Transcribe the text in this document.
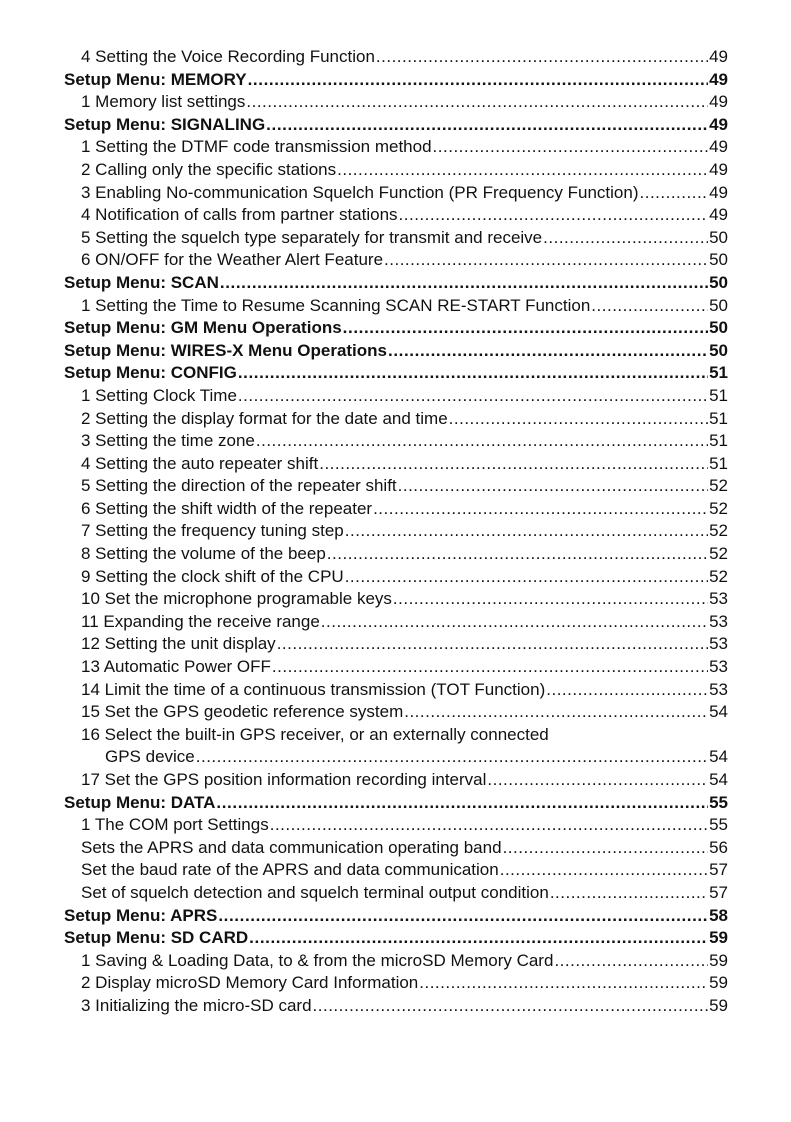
4 Setting the Voice Recording Function .....	49
Setup Menu: MEMORY .....	49
1 Memory list settings .....	49
Setup Menu: SIGNALING .....	49
1 Setting the DTMF code transmission method .....	49
2 Calling only the specific stations .....	49
3 Enabling No-communication Squelch Function (PR Frequency Function) .....	49
4 Notification of calls from partner stations .....	49
5 Setting the squelch type separately for transmit and receive .....	50
6 ON/OFF for the Weather Alert Feature .....	50
Setup Menu: SCAN .....	50
1 Setting the Time to Resume Scanning SCAN RE-START Function .....	50
Setup Menu: GM Menu Operations .....	50
Setup Menu: WIRES-X Menu Operations .....	50
Setup Menu: CONFIG .....	51
1 Setting Clock Time .....	51
2 Setting the display format for the date and time .....	51
3 Setting the time zone .....	51
4 Setting the auto repeater shift .....	51
5 Setting the direction of the repeater shift .....	52
6 Setting the shift width of the repeater .....	52
7 Setting the frequency tuning step .....	52
8 Setting the volume of the beep .....	52
9 Setting the clock shift of the CPU .....	52
10 Set the microphone programable keys .....	53
11 Expanding the receive range .....	53
12 Setting the unit display .....	53
13 Automatic Power OFF .....	53
14 Limit the time of a continuous transmission (TOT Function) .....	53
15 Set the GPS geodetic reference system .....	54
16 Select the built-in GPS receiver, or an externally connected
GPS device .....	54
17 Set the GPS position information recording interval .....	54
Setup Menu: DATA .....	55
1 The COM port Settings .....	55
Sets the APRS and data communication operating band .....	56
Set the baud rate of the APRS and data communication .....	57
Set of squelch detection and squelch terminal output condition .....	57
Setup Menu: APRS .....	58
Setup Menu: SD CARD .....	59
1 Saving & Loading Data, to & from the microSD Memory Card .....	59
2 Display microSD Memory Card Information .....	59
3 Initializing the micro-SD card .....	59
